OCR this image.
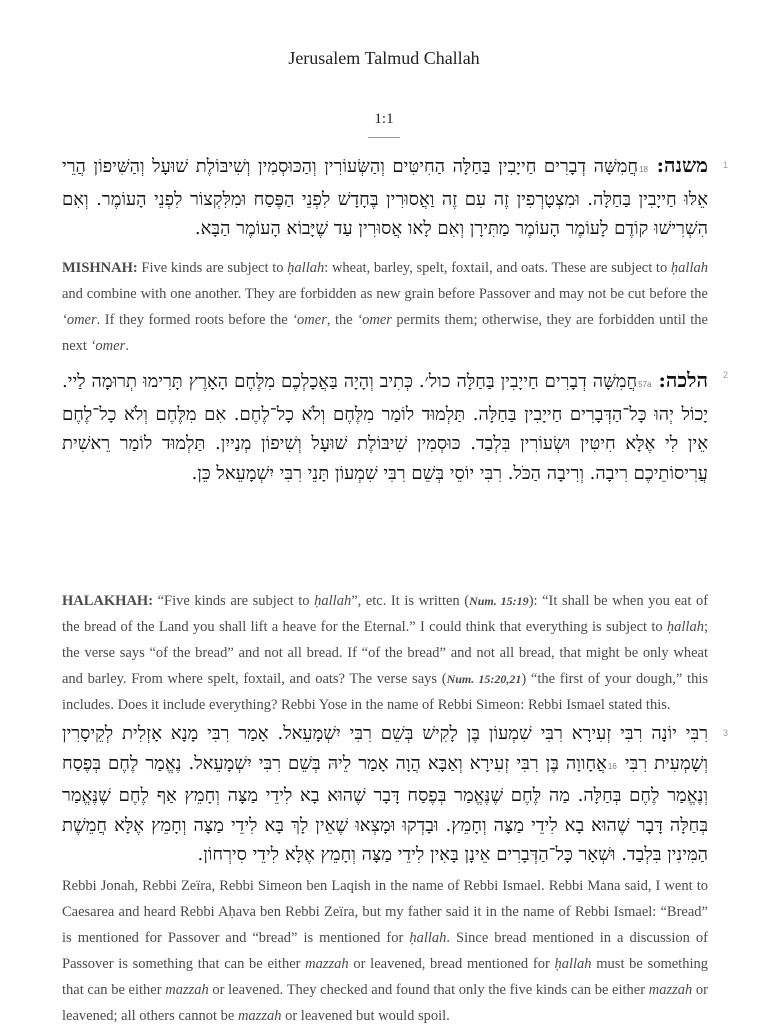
Jerusalem Talmud Challah
1:1
1
משנה: 18חֲמִשָּׁה דְבָרִים חַייָבִין בַּחַלָּה הַחִיטִּים וְהַשְּׂעוֹרִין וְהַכּוּסְמִין וְשִׁיבּוֹלֶת שׁוּעָל וְהַשִּׁיפוֹן הֲרֵי אֵלּוּ חַייָבִין בַּחַלָּה. וּמִצְטָרְפִין זֶה עִם זֶה וַאֲסוּרִין בֶּחָדָשׁ לִפְנֵי הַפֶּסַח וּמִלִּקְצוֹר לִפְנֵי הָעוֹמֶר. וְאִם הִשְׁרִישׁוּ קוֹדֶם לָעוֹמֶר הָעוֹמֶר מַתִּירָן וְאִם לָאו אֲסוּרִין עַד שֶׁיָּבוֹא הָעוֹמֶר הַבָּא.
MISHNAH: Five kinds are subject to ḥallah: wheat, barley, spelt, foxtail, and oats. These are subject to ḥallah and combine with one another. They are forbidden as new grain before Passover and may not be cut before the ‘omer. If they formed roots before the ‘omer, the ‘omer permits them; otherwise, they are forbidden until the next ‘omer.
2
הלכה: 57aחֲמִשָּׁה דְבָרִים חַייָבִין בַּחַלָּה כול׳. כְּתִיב וְהָיָה בַּאֲכָלְכֶם מִלֶּחֶם הָאָרֶץ תָּרִימוּ תְרוּמָה לַיי. יָכוֹל יְהוּ כָּל־הַדְּבָרִים חַייָבִין בַּחַלָּה. תַּלְמוּד לוֹמַר מִלֶּחֶם וְלֹא כָל־לֶחֶם. אִם מִלֶּחֶם וְלֹא כָל־לֶחֶם אֵין לִי אֶלָּא חִיטִּין וּשְׂעוֹרִין בִּלְבַד. כּוּסְמִין שִׁיבּוֹלֶת שׁוּעָל וְשִׁיפוֹן מְנַייִן. תַּלְמוּד לוֹמַר רֵאשִׁית עֲרִיסוֹתֵיכֶם רִיבָה. וְרִיבָה הַכֹּל. רִבִּי יוֹסֵי בְּשֵׁם רִבִּי שִׁמְעוֹן תָּנֵי רִבִּי יִשְׁמָעֵאל כֵּן.
HALAKHAH: “Five kinds are subject to ḥallah”, etc. It is written (Num. 15:19): “It shall be when you eat of the bread of the Land you shall lift a heave for the Eternal.” I could think that everything is subject to ḥallah; the verse says “of the bread” and not all bread. If “of the bread” and not all bread, that might be only wheat and barley. From where spelt, foxtail, and oats? The verse says (Num. 15:20,21) “the first of your dough,” this includes. Does it include everything? Rebbi Yose in the name of Rebbi Simeon: Rebbi Ismael stated this.
3
רִבִּי יוֹנָה רִבִּי זְעִירָא רִבִּי שִׁמְעוֹן בֶּן לָקִישׁ בְּשֵׁם רִבִּי יִשְׁמָעֵאל. אָמַר רִבִּי מָנָא אָזְלִית לְקֵיסָרִין וְשָׁמְעִית רִבִּי 16אֲחָווָה בֶּן רִבִּי זְעִירָא וְאַבָּא הֲוָה אָמַר לֵיהּ בְּשֵׁם רִבִּי יִשְׁמָעֵאל. נֶאֱמַר לֶחֶם בְּפֶסַח וְנֶאֱמַר לֶחֶם בְּחַלָּה. מַה לֶּחֶם שֶׁנֶּאֱמַר בְּפֶסַח דָּבָר שֶׁהוּא בָא לִידֵי מַצָּה וְחָמֵץ אַף לֶחֶם שֶׁנֶּאֱמַר בְּחַלָּה דָּבָר שֶׁהוּא בָא לִידֵי מַצָּה וְחָמֵץ. וּבָדְקוּ וּמָצְאוּ שֶׁאֵין לָךְ בָּא לִידֵי מַצָּה וְחָמֵץ אֶלָּא חֲמֵשֶׁת הַמִּינִין בִּלְבַד. וּשְׁאָר כָּל־הַדְּבָרִים אֵינָן בָּאִין לִידֵי מַצָּה וְחָמֵץ אֶלָּא לִידֵי סִירְחוֹן.
Rebbi Jonah, Rebbi Zeïra, Rebbi Simeon ben Laqish in the name of Rebbi Ismael. Rebbi Mana said, I went to Caesarea and heard Rebbi Aḥava ben Rebbi Zeïra, but my father said it in the name of Rebbi Ismael: “Bread” is mentioned for Passover and “bread” is mentioned for ḥallah. Since bread mentioned in a discussion of Passover is something that can be either mazzah or leavened, bread mentioned for ḥallah must be something that can be either mazzah or leavened. They checked and found that only the five kinds can be either mazzah or leavened; all others cannot be mazzah or leavened but would spoil.
